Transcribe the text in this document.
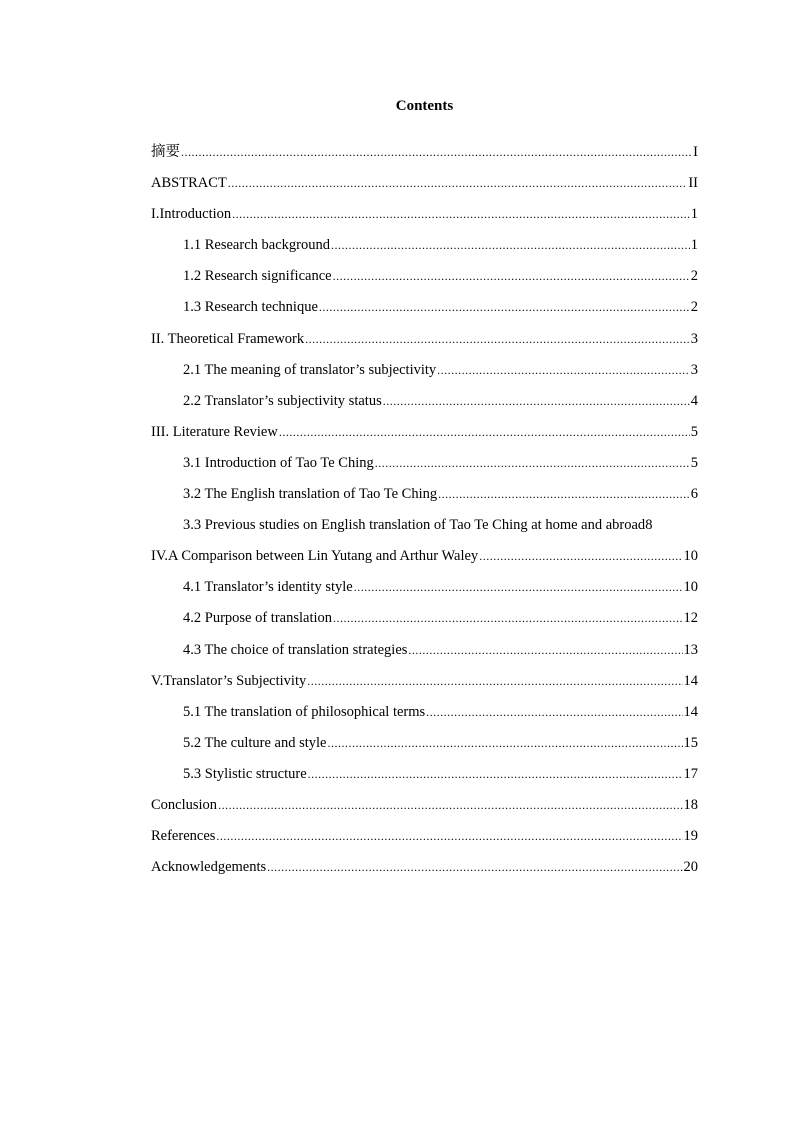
Contents
摘要 .....	I
ABSTRACT .....	II
I.Introduction .....	1
1.1 Research background .....	1
1.2 Research significance .....	2
1.3 Research technique .....	2
II. Theoretical Framework .....	3
2.1 The meaning of translator’s subjectivity .....	3
2.2 Translator’s subjectivity status .....	4
III. Literature Review .....	5
3.1 Introduction of Tao Te Ching .....	5
3.2 The English translation of Tao Te Ching .....	6
3.3 Previous studies on English translation of Tao Te Ching at home and abroad 8
IV.A Comparison between Lin Yutang and Arthur Waley .....	10
4.1 Translator’s identity style .....	10
4.2 Purpose of translation .....	12
4.3 The choice of translation strategies .....	13
V.Translator’s Subjectivity .....	14
5.1 The translation of philosophical terms .....	14
5.2 The culture and style .....	15
5.3 Stylistic structure .....	17
Conclusion .....	18
References .....	19
Acknowledgements .....	20
